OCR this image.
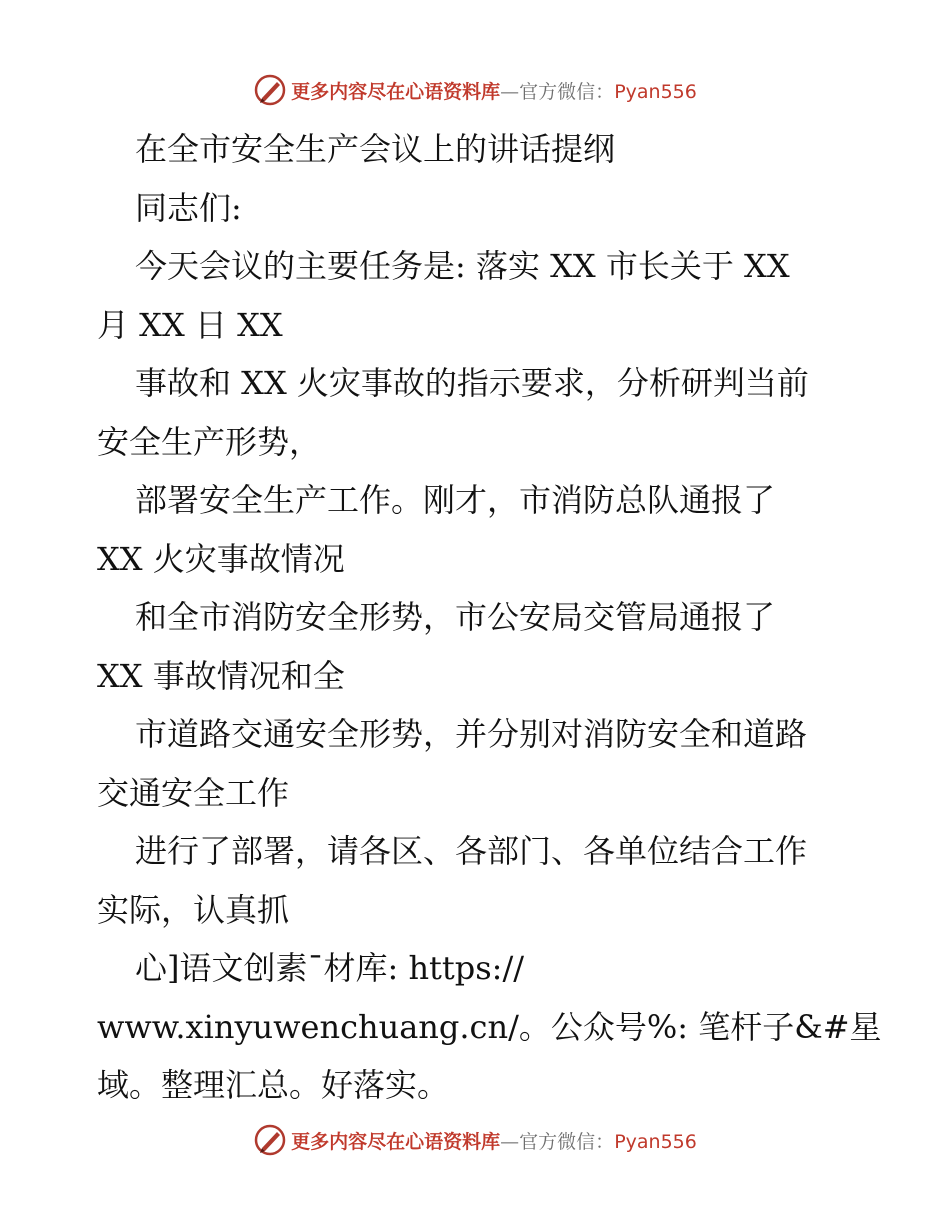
更多内容尽在心语资料库—官方微信：Pyan556
在全市安全生产会议上的讲话提纲
同志们:
今天会议的主要任务是: 落实 XX 市长关于 XX
月 XX 日 XX
事故和 XX 火灾事故的指示要求，分析研判当前
安全生产形势，
部署安全生产工作。刚才，市消防总队通报了
XX 火灾事故情况
和全市消防安全形势，市公安局交管局通报了
XX 事故情况和全
市道路交通安全形势，并分别对消防安全和道路
交通安全工作
进行了部署，请各区、各部门、各单位结合工作
实际，认真抓
心]语文创素¯材库: https://
www.xinyuwenchuang.cn/。公众号%: 笔杆子&#星
域。整理汇总。好落实。
更多内容尽在心语资料库—官方微信：Pyan556
